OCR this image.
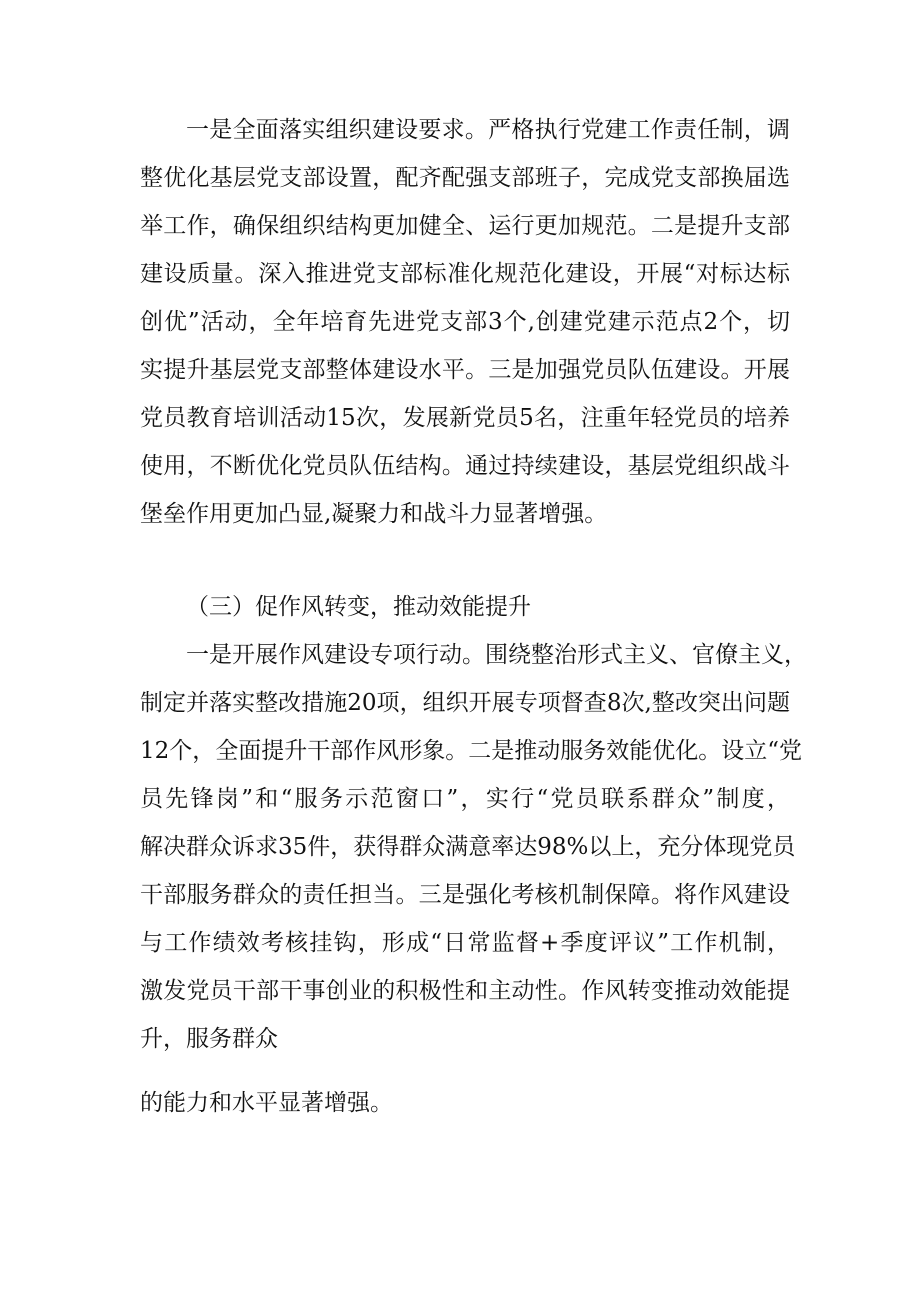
一是全面落实组织建设要求。严格执行党建工作责任制，调
整优化基层党支部设置，配齐配强支部班子，完成党支部换届选
举工作，确保组织结构更加健全、运行更加规范。二是提升支部
建设质量。深入推进党支部标准化规范化建设，开展“对标达标
创优”活动，全年培育先进党支部3个,创建党建示范点2个，切
实提升基层党支部整体建设水平。三是加强党员队伍建设。开展
党员教育培训活动15次，发展新党员5名，注重年轻党员的培养
使用，不断优化党员队伍结构。通过持续建设，基层党组织战斗
堡垒作用更加凸显,凝聚力和战斗力显著增强。
（三）促作风转变，推动效能提升
一是开展作风建设专项行动。围绕整治形式主义、官僚主义，
制定并落实整改措施20项，组织开展专项督查8次,整改突出问题
12个，全面提升干部作风形象。二是推动服务效能优化。设立“党
员先锋岗”和“服务示范窗口”，实行“党员联系群众”制度，
解决群众诉求35件，获得群众满意率达98%以上，充分体现党员
干部服务群众的责任担当。三是强化考核机制保障。将作风建设
与工作绩效考核挂钩，形成“日常监督+季度评议”工作机制，
激发党员干部干事创业的积极性和主动性。作风转变推动效能提
升，服务群众
的能力和水平显著增强。
